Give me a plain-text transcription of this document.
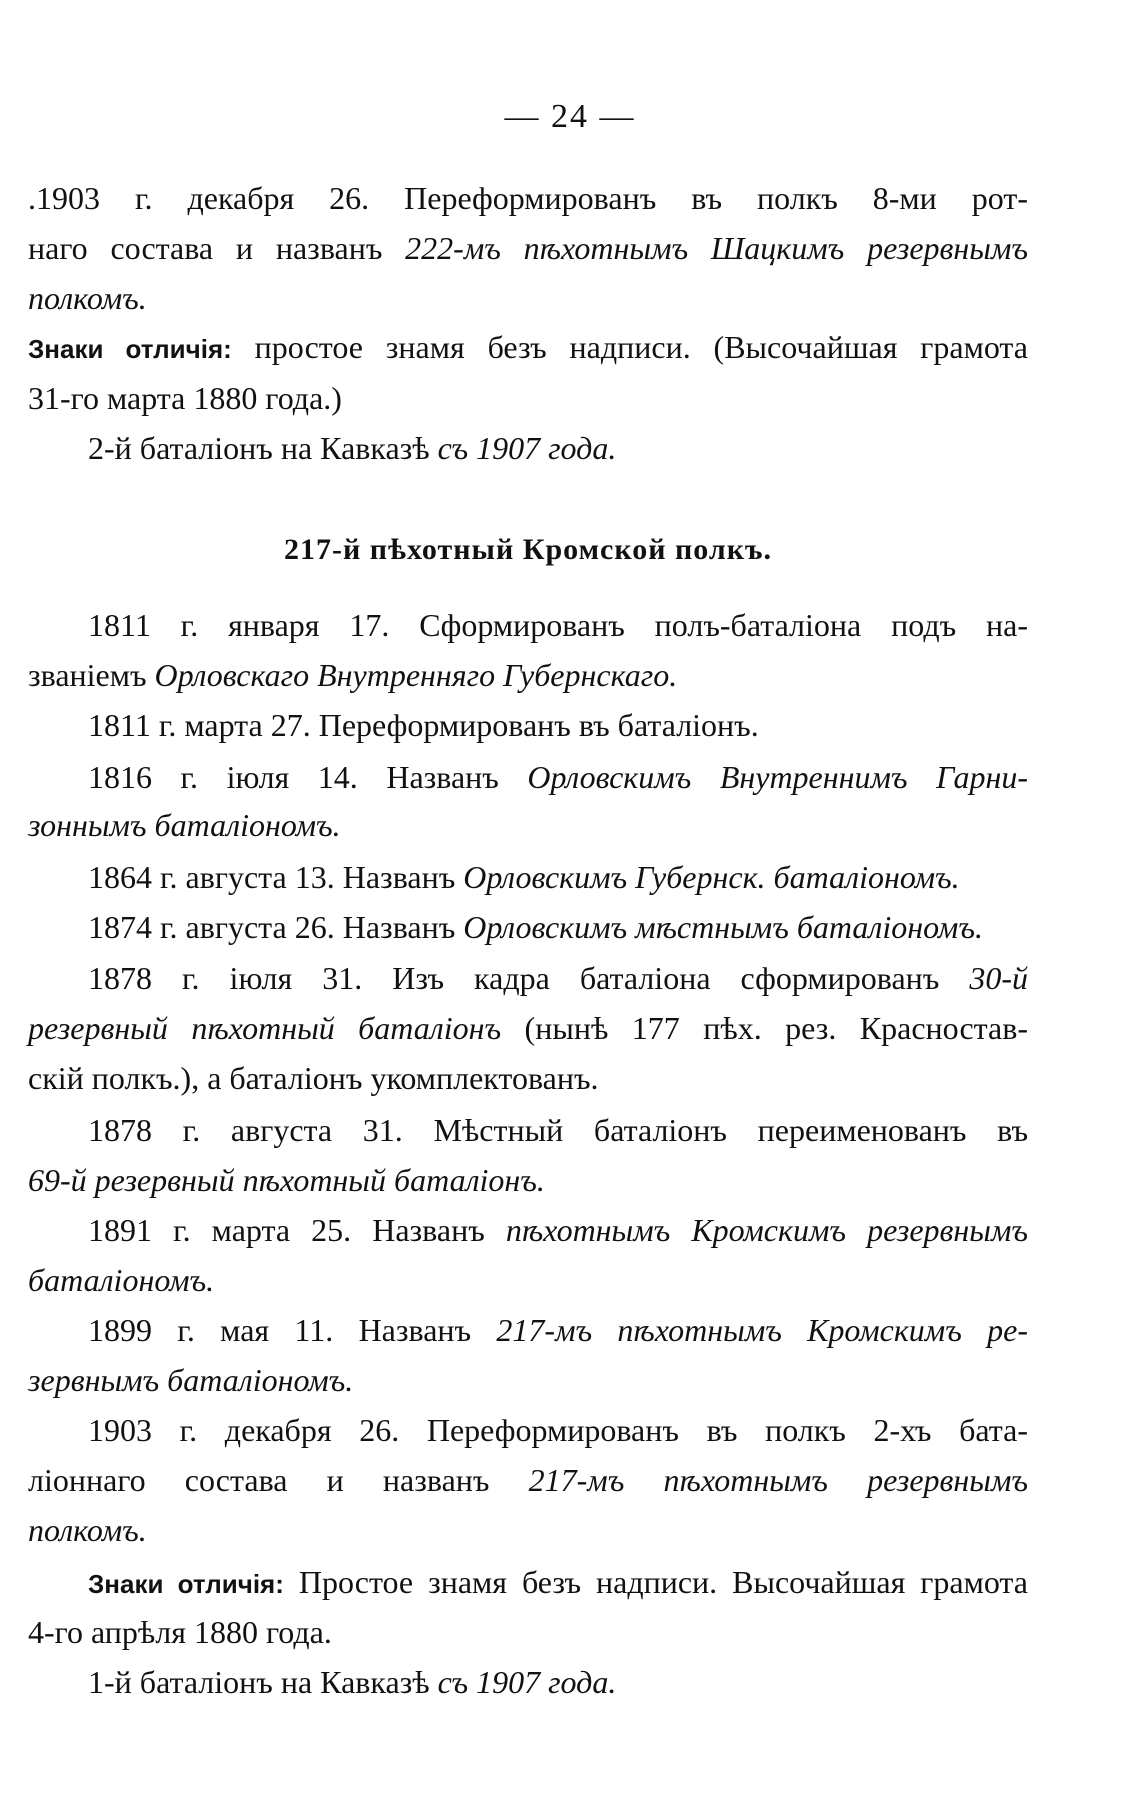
— 24 —
.1903 г. декабря 26. Переформированъ въ полкъ 8-ми рот-
наго состава и названъ 222-мъ пѣхотнымъ Шацкимъ резервнымъ
полкомъ.
Знаки отличія: простое знамя безъ надписи. (Высочайшая грамота
31-го марта 1880 года.)
2-й баталіонъ на Кавказѣ съ 1907 года.
217-й пѣхотный Кромской полкъ.
1811 г. января 17. Сформированъ полъ-баталіона подъ на-
званіемъ Орловскаго Внутренняго Губернскаго.
1811 г. марта 27. Переформированъ въ баталіонъ.
1816 г. іюля 14. Названъ Орловскимъ Внутреннимъ Гарни-
зоннымъ баталіономъ.
1864 г. августа 13. Названъ Орловскимъ Губернск. баталіономъ.
1874 г. августа 26. Названъ Орловскимъ мѣстнымъ баталіономъ.
1878 г. іюля 31. Изъ кадра баталіона сформированъ 30-й
резервный пѣхотный баталіонъ (нынѣ 177 пѣх. рез. Красностав-
скій полкъ.), а баталіонъ укомплектованъ.
1878 г. августа 31. Мѣстный баталіонъ переименованъ въ
69-й резервный пѣхотный баталіонъ.
1891 г. марта 25. Названъ пѣхотнымъ Кромскимъ резервнымъ
баталіономъ.
1899 г. мая 11. Названъ 217-мъ пѣхотнымъ Кромскимъ ре-
зервнымъ баталіономъ.
1903 г. декабря 26. Переформированъ въ полкъ 2-хъ бата-
ліоннаго состава и названъ 217-мъ пѣхотнымъ резервнымъ
полкомъ.
Знаки отличія: Простое знамя безъ надписи. Высочайшая грамота
4-го апрѣля 1880 года.
1-й баталіонъ на Кавказѣ съ 1907 года.
